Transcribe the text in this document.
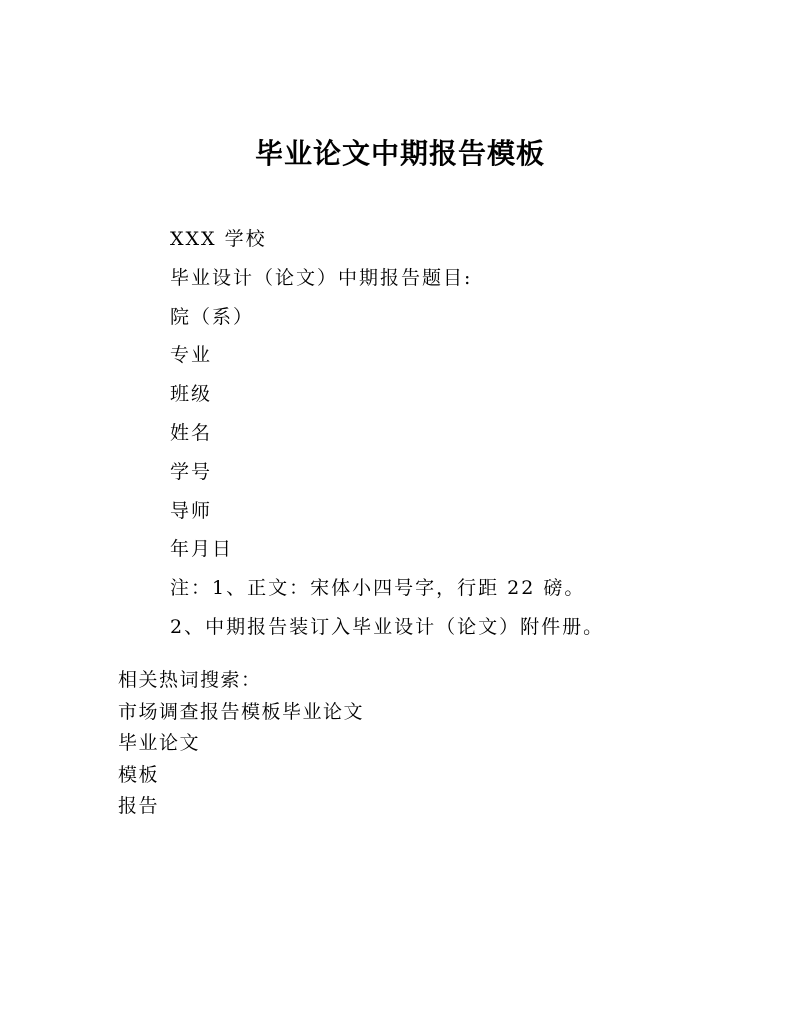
毕业论文中期报告模板
XXX 学校
毕业设计（论文）中期报告题目:
院（系）
专业
班级
姓名
学号
导师
年月日
注：1、正文：宋体小四号字，行距 22 磅。
2、中期报告装订入毕业设计（论文）附件册。
相关热词搜索：
市场调查报告模板毕业论文
毕业论文
模板
报告
